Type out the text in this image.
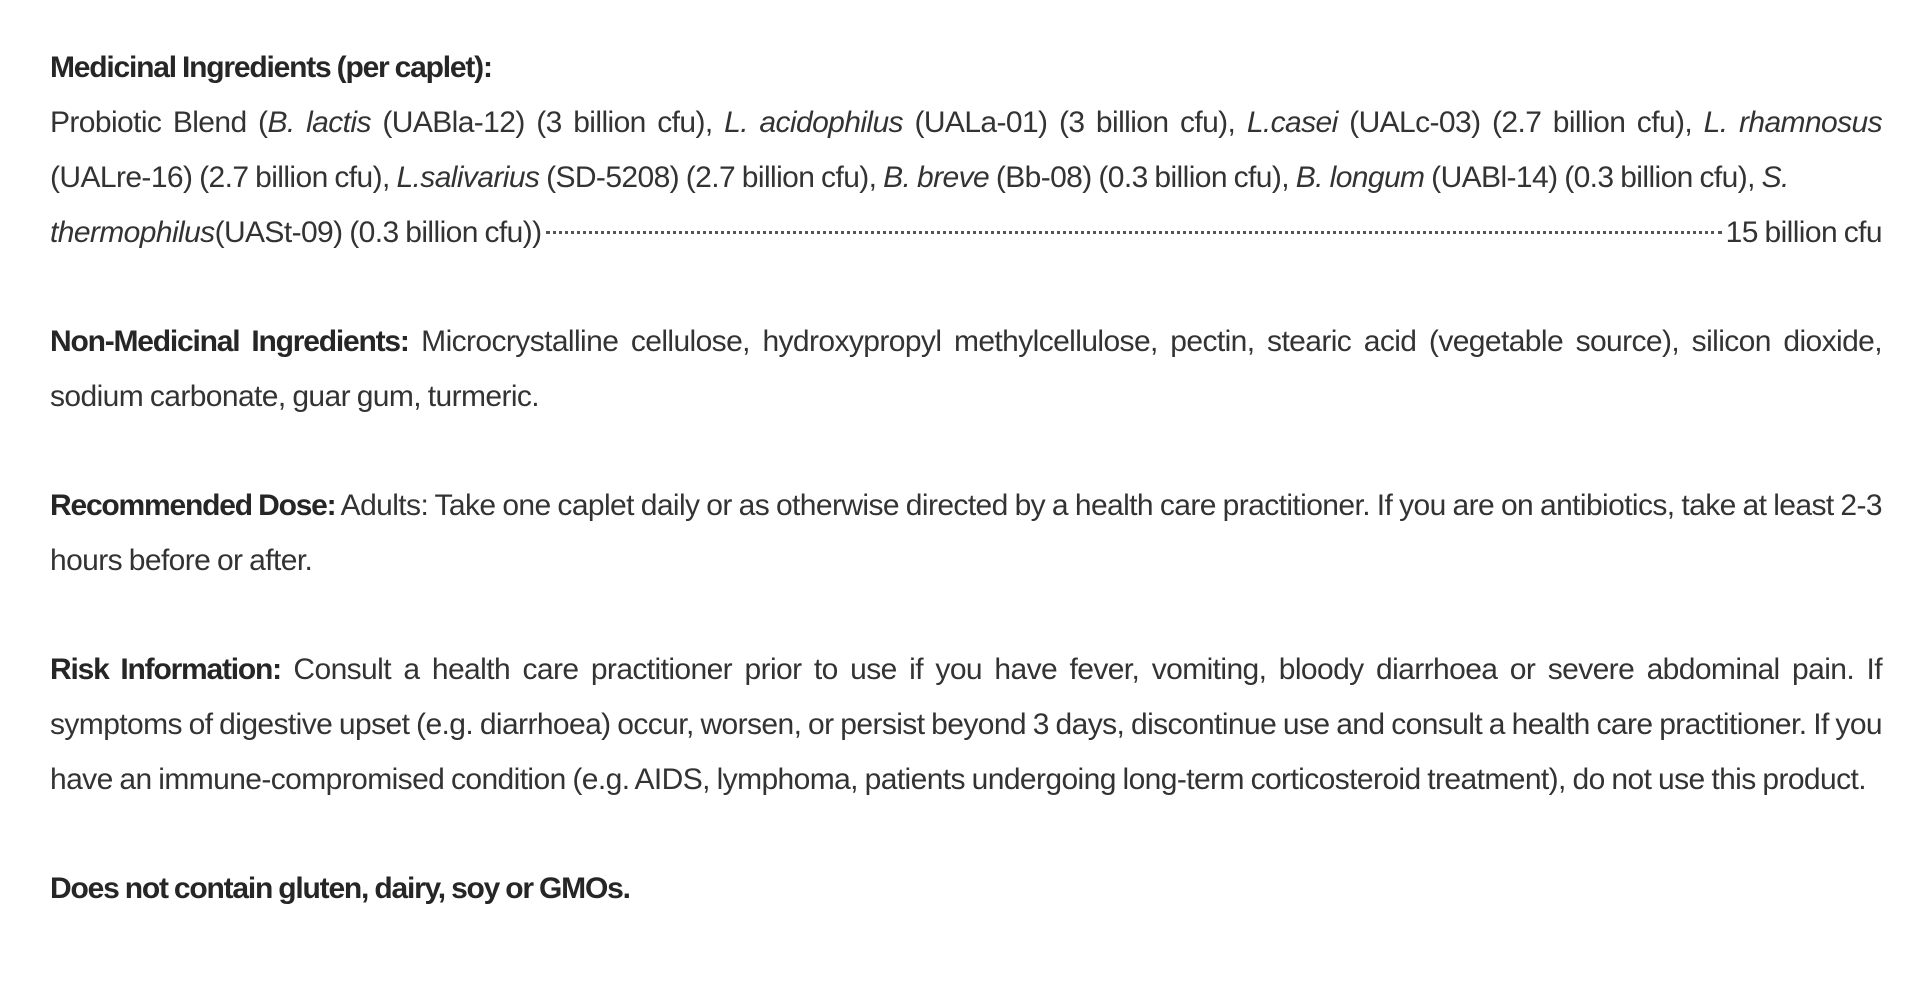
Medicinal Ingredients (per caplet):

Probiotic Blend (B. lactis (UABla-12) (3 billion cfu), L. acidophilus (UALa-01) (3 billion cfu), L.casei (UALc-03) (2.7 billion cfu), L. rhamnosus (UALre-16) (2.7 billion cfu), L.salivarius (SD-5208) (2.7 billion cfu), B. breve (Bb-08) (0.3 billion cfu), B. longum (UABl-14) (0.3 billion cfu), S.

thermophilus (UASt-09) (0.3 billion cfu))	15 billion cfu

Non-Medicinal Ingredients: Microcrystalline cellulose, hydroxypropyl methylcellulose, pectin, stearic acid (vegetable source), silicon dioxide, sodium carbonate, guar gum, turmeric.

Recommended Dose: Adults: Take one caplet daily or as otherwise directed by a health care practitioner. If you are on antibiotics, take at least 2-3 hours before or after.

Risk Information: Consult a health care practitioner prior to use if you have fever, vomiting, bloody diarrhoea or severe abdominal pain. If symptoms of digestive upset (e.g. diarrhoea) occur, worsen, or persist beyond 3 days, discontinue use and consult a health care practitioner. If you have an immune-compromised condition (e.g. AIDS, lymphoma, patients undergoing long-term corticosteroid treatment), do not use this product.

Does not contain gluten, dairy, soy or GMOs.
